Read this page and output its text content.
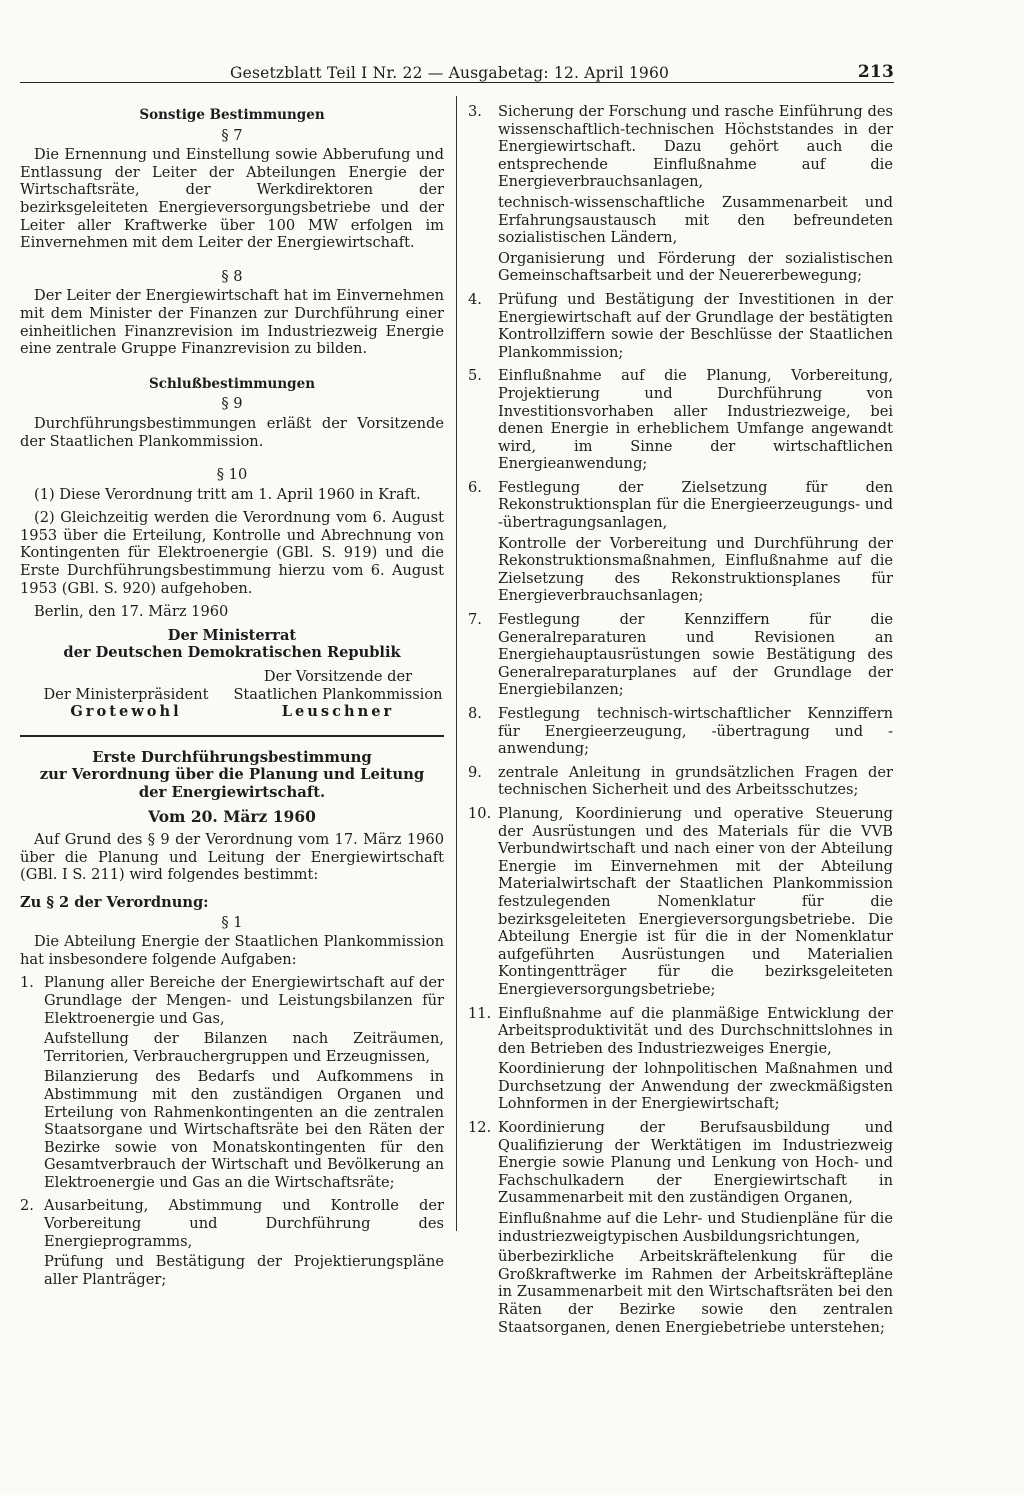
Gesetzblatt Teil I Nr. 22 — Ausgabetag: 12. April 1960	213
Sonstige Bestimmungen
§ 7

Die Ernennung und Einstellung sowie Abberufung und Entlassung der Leiter der Abteilungen Energie der Wirtschaftsräte, der Werkdirektoren der bezirksgeleiteten Energieversorgungsbetriebe und der Leiter aller Kraftwerke über 100 MW erfolgen im Einvernehmen mit dem Leiter der Energiewirtschaft.

§ 8

Der Leiter der Energiewirtschaft hat im Einvernehmen mit dem Minister der Finanzen zur Durchführung einer einheitlichen Finanzrevision im Industriezweig Energie eine zentrale Gruppe Finanzrevision zu bilden.

Schlußbestimmungen
§ 9

Durchführungsbestimmungen erläßt der Vorsitzende der Staatlichen Plankommission.

§ 10

(1) Diese Verordnung tritt am 1. April 1960 in Kraft.

(2) Gleichzeitig werden die Verordnung vom 6. August 1953 über die Erteilung, Kontrolle und Abrechnung von Kontingenten für Elektroenergie (GBl. S. 919) und die Erste Durchführungsbestimmung hierzu vom 6. August 1953 (GBl. S. 920) aufgehoben.

Berlin, den 17. März 1960

Der Ministerrat
der Deutschen Demokratischen Republik
Der Vorsitzende der
Der Ministerpräsident	Staatlichen Plankommission
Grotewohl	Leuschner
Erste Durchführungsbestimmung
zur Verordnung über die Planung und Leitung
der Energiewirtschaft.
Vom 20. März 1960

Auf Grund des § 9 der Verordnung vom 17. März 1960 über die Planung und Leitung der Energiewirtschaft (GBl. I S. 211) wird folgendes bestimmt:

Zu § 2 der Verordnung:
§ 1

Die Abteilung Energie der Staatlichen Plankommission hat insbesondere folgende Aufgaben:

1. Planung aller Bereiche der Energiewirtschaft auf der Grundlage der Mengen- und Leistungsbilanzen für Elektroenergie und Gas,

Aufstellung der Bilanzen nach Zeiträumen, Territorien, Verbrauchergruppen und Erzeugnissen,

Bilanzierung des Bedarfs und Aufkommens in Abstimmung mit den zuständigen Organen und Erteilung von Rahmenkontingenten an die zentralen Staatsorgane und Wirtschaftsräte bei den Räten der Bezirke sowie von Monatskontingenten für den Gesamtverbrauch der Wirtschaft und Bevölkerung an Elektroenergie und Gas an die Wirtschaftsräte;

2. Ausarbeitung, Abstimmung und Kontrolle der Vorbereitung und Durchführung des Energieprogramms,

Prüfung und Bestätigung der Projektierungspläne aller Planträger;

3.	Sicherung der Forschung und rasche Einführung des wissenschaftlich-technischen Höchststandes in der Energiewirtschaft. Dazu gehört auch die entsprechende Einflußnahme auf die Energieverbrauchsanlagen,

technisch-wissenschaftliche Zusammenarbeit und Erfahrungsaustausch mit den befreundeten sozialistischen Ländern,

Organisierung und Förderung der sozialistischen Gemeinschaftsarbeit und der Neuererbewegung;

4.	Prüfung und Bestätigung der Investitionen in der Energiewirtschaft auf der Grundlage der bestätigten Kontrollziffern sowie der Beschlüsse der Staatlichen Plankommission;

5.	Einflußnahme auf die Planung, Vorbereitung, Projektierung und Durchführung von Investitionsvorhaben aller Industriezweige, bei denen Energie in erheblichem Umfange angewandt wird, im Sinne der wirtschaftlichen Energieanwendung;

6.	Festlegung der Zielsetzung für den Rekonstruktionsplan für die Energieerzeugungs- und -übertragungsanlagen,

Kontrolle der Vorbereitung und Durchführung der Rekonstruktionsmaßnahmen, Einflußnahme auf die Zielsetzung des Rekonstruktionsplanes für Energieverbrauchsanlagen;

7.	Festlegung der Kennziffern für die Generalreparaturen und Revisionen an Energiehauptausrüstungen sowie Bestätigung des Generalreparaturplanes auf der Grundlage der Energiebilanzen;

8.	Festlegung technisch-wirtschaftlicher Kennziffern für Energieerzeugung, -übertragung und -anwendung;

9.	zentrale Anleitung in grundsätzlichen Fragen der technischen Sicherheit und des Arbeitsschutzes;

10. Planung, Koordinierung und operative Steuerung der Ausrüstungen und des Materials für die VVB Verbundwirtschaft und nach einer von der Abteilung Energie im Einvernehmen mit der Abteilung Materialwirtschaft der Staatlichen Plankommission festzulegenden Nomenklatur für die bezirksgeleiteten Energieversorgungsbetriebe. Die Abteilung Energie ist für die in der Nomenklatur aufgeführten Ausrüstungen und Materialien Kontingentträger für die bezirksgeleiteten Energieversorgungsbetriebe;

11. Einflußnahme auf die planmäßige Entwicklung der Arbeitsproduktivität und des Durchschnittslohnes in den Betrieben des Industriezweiges Energie,

Koordinierung der lohnpolitischen Maßnahmen und Durchsetzung der Anwendung der zweckmäßigsten Lohnformen in der Energiewirtschaft;

12. Koordinierung der Berufsausbildung und Qualifizierung der Werktätigen im Industriezweig Energie sowie Planung und Lenkung von Hoch- und Fachschulkadern der Energiewirtschaft in Zusammenarbeit mit den zuständigen Organen,

Einflußnahme auf die Lehr- und Studienpläne für die industriezweigtypischen Ausbildungsrichtungen,

überbezirkliche Arbeitskräftelenkung für die Großkraftwerke im Rahmen der Arbeitskräftepläne in Zusammenarbeit mit den Wirtschaftsräten bei den Räten der Bezirke sowie den zentralen Staatsorganen, denen Energiebetriebe unterstehen;
